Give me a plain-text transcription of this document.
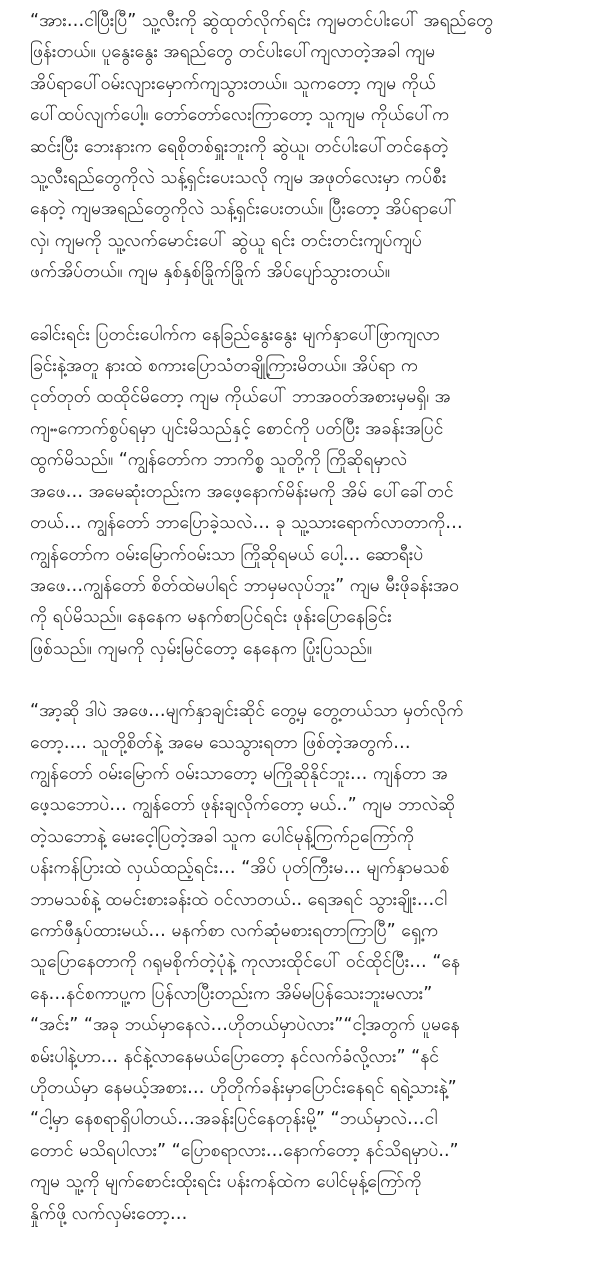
“အား…ငါပြီးပြီ” သူ့လီးကို ဆွဲထုတ်လိုက်ရင်း ကျမတင်ပါးပေါ် အရည်တွေ
ဖြန်းတယ်။ ပူနွေးနွေး အရည်တွေ တင်ပါးပေါ်ကျလာတဲ့အခါ ကျမ
အိပ်ရာပေါ်ဝမ်းလျားမှောက်ကျသွားတယ်။ သူကတော့ ကျမ ကိုယ်
ပေါ်ထပ်လျက်ပေါ့။ တော်တော်လေးကြာတော့ သူကျမ ကိုယ်ပေါ်က
ဆင်းပြီး ဘေးနားက ရေစိုတစ်ရှူးဘူးကို ဆွဲယူ၊ တင်ပါးပေါ်တင်နေတဲ့
သူ့လီးရည်တွေကိုလဲ သန့်ရှင်းပေးသလို ကျမ အဖုတ်လေးမှာ ကပ်စီး
နေတဲ့ ကျမအရည်တွေကိုလဲ သန့်ရှင်းပေးတယ်။ ပြီးတော့ အိပ်ရာပေါ်
လှဲ၊ ကျမကို သူ့လက်မောင်းပေါ် ဆွဲယူ ရင်း တင်းတင်းကျပ်ကျပ်
ဖက်အိပ်တယ်။ ကျမ နှစ်နှစ်ခြိုက်ခြိုက် အိပ်ပျော်သွားတယ်။
ခေါင်းရင်း ပြတင်းပေါက်က နေခြည်နွေးနွေး မျက်နှာပေါ်ဖြာကျလာ
ခြင်းနဲ့အတူ နားထဲ စကားပြောသံတချို့ကြားမိတယ်။ အိပ်ရာ က
ငုတ်တုတ် ထထိုင်မိတော့ ကျမ ကိုယ်ပေါ် ဘာအဝတ်အစားမှမရှိ၊ အ
ကျႌကောက်စွပ်ရမှာ ပျင်းမိသည်နှင့် စောင်ကို ပတ်ပြီး အခန်းအပြင်
ထွက်မိသည်။ “ကျွန်တော်က ဘာကိစ္စ သူတို့ကို ကြိုဆိုရမှာလဲ
အဖေ… အမေဆုံးတည်းက အဖေ့နောက်မိန်းမကို အိမ် ပေါ်ခေါ်တင်
တယ်… ကျွန်တော် ဘာပြောခဲ့သလဲ… ခု သူ့သားရောက်လာတာကို…
ကျွန်တော်က ဝမ်းမြောက်ဝမ်းသာ ကြိုဆိုရမယ် ပေါ့… ဆောရီးပဲ
အဖေ…ကျွန်တော် စိတ်ထဲမပါရင် ဘာမှမလုပ်ဘူး” ကျမ မီးဖိုခန်းအဝ
ကို ရပ်မိသည်။ နေနေက မနက်စာပြင်ရင်း ဖုန်းပြောနေခြင်း
ဖြစ်သည်။ ကျမကို လှမ်းမြင်တော့ နေနေက ပြုံးပြသည်။
“အာ့ဆို ဒါပဲ အဖေ…မျက်နှာချင်းဆိုင် တွေ့မှ တွေ့တယ်သာ မှတ်လိုက်
တော့…. သူတို့စိတ်နဲ့ အမေ သေသွားရတာ ဖြစ်တဲ့အတွက်…
ကျွန်တော် ဝမ်းမြောက် ဝမ်းသာတော့ မကြိုဆိုနိုင်ဘူး… ကျန်တာ အ
ဖေ့သဘောပဲ… ကျွန်တော် ဖုန်းချလိုက်တော့ မယ်..” ကျမ ဘာလဲဆို
တဲ့သဘောနဲ့ မေးငေ့ါပြတဲ့အခါ သူက ပေါင်မုန့်ကြက်ဥကြော်ကို
ပန်းကန်ပြားထဲ လှယ်ထည့်ရင်း… “အိပ် ပုတ်ကြီးမ… မျက်နှာမသစ်
ဘာမသစ်နဲ့ ထမင်းစားခန်းထဲ ဝင်လာတယ်.. ရေအရင် သွားချိုး…ငါ
ကော်ဖီနှပ်ထားမယ်… မနက်စာ လက်ဆုံမစားရတာကြာပြီ” ရှေ့က
သူပြောနေတာကို ဂရုမစိုက်တဲ့ပုံနဲ့ ကုလားထိုင်ပေါ် ဝင်ထိုင်ပြီး… “နေ
နေ…နင်စကာပူ့က ပြန်လာပြီးတည်းက အိမ်မပြန်သေးဘူးမလား”
“အင်း” “အခု ဘယ်မှာနေလဲ…ဟိုတယ်မှာပဲလား”“ငါ့အတွက် ပူမနေ
စမ်းပါနဲ့ဟာ… နင်နဲ့လာနေမယ်ပြောတော့ နင်လက်ခံလို့လား” “နင်
ဟိုတယ်မှာ နေမယ့်အစား… ဟိုတိုက်ခန်းမှာပြောင်းနေရင် ရရဲ့သားနဲ့”
“ငါ့မှာ နေစရာရှိပါတယ်…အခန်းပြင်နေတုန်းမို့” “ဘယ်မှာလဲ…ငါ
တောင် မသိရပါလား” “ပြောစရာလား…နောက်တော့ နင်သိရမှာပဲ..”
ကျမ သူ့ကို မျက်စောင်းထိုးရင်း ပန်းကန်ထဲက ပေါင်မုန့်ကြော်ကို
နှိုက်ဖို့ လက်လှမ်းတော့…
